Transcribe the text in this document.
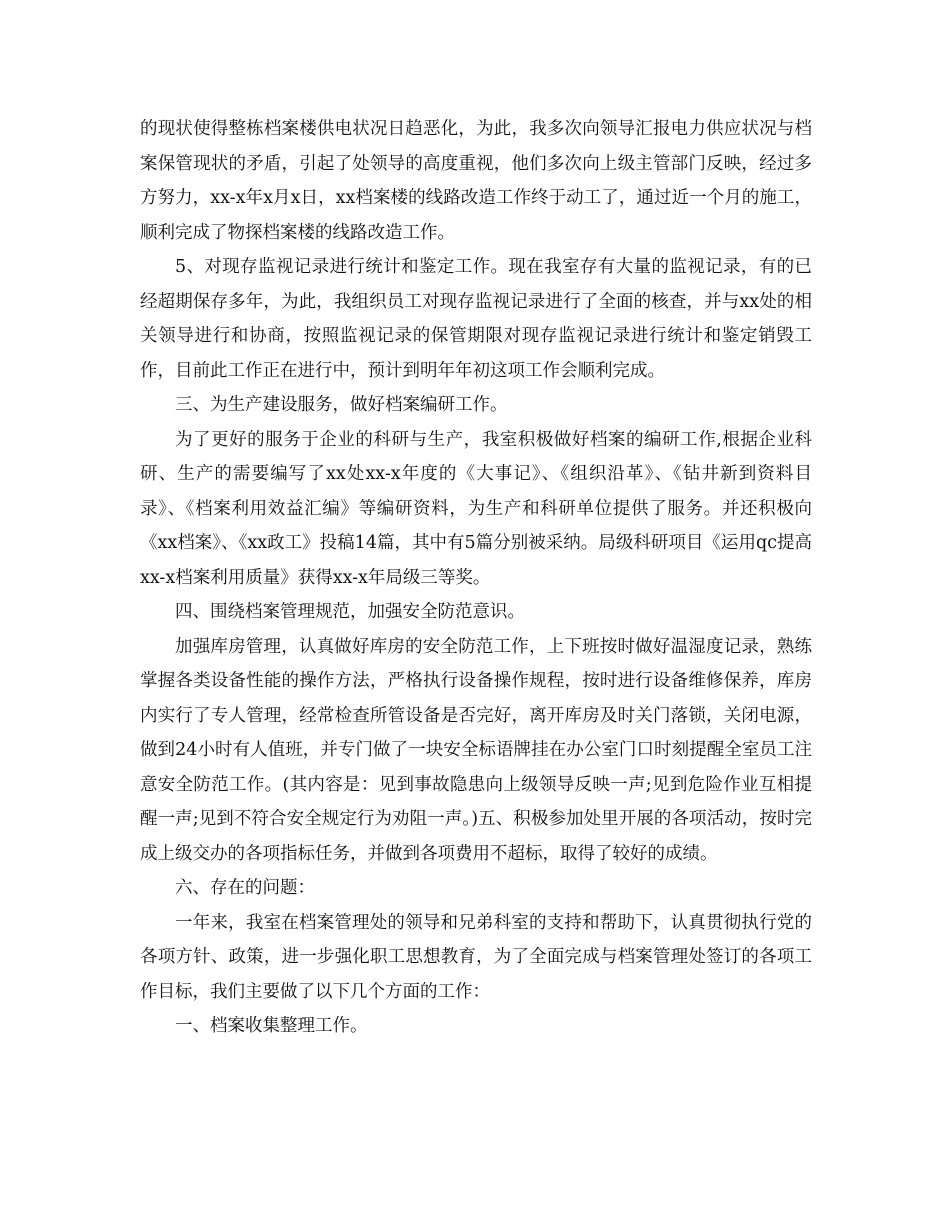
的现状使得整栋档案楼供电状况日趋恶化，为此，我多次向领导汇报电力供应状况与档案保管现状的矛盾，引起了处领导的高度重视，他们多次向上级主管部门反映，经过多方努力，xx-x年x月x日，xx档案楼的线路改造工作终于动工了，通过近一个月的施工，顺利完成了物探档案楼的线路改造工作。

5、对现存监视记录进行统计和鉴定工作。现在我室存有大量的监视记录，有的已经超期保存多年，为此，我组织员工对现存监视记录进行了全面的核查，并与xx处的相关领导进行和协商，按照监视记录的保管期限对现存监视记录进行统计和鉴定销毁工作，目前此工作正在进行中，预计到明年年初这项工作会顺利完成。

三、为生产建设服务，做好档案编研工作。

为了更好的服务于企业的科研与生产，我室积极做好档案的编研工作,根据企业科研、生产的需要编写了xx处xx-x年度的《大事记》、《组织沿革》、《钻井新到资料目录》、《档案利用效益汇编》等编研资料，为生产和科研单位提供了服务。并还积极向《xx档案》、《xx政工》投稿14篇，其中有5篇分别被采纳。局级科研项目《运用qc提高xx-x档案利用质量》获得xx-x年局级三等奖。

四、围绕档案管理规范，加强安全防范意识。

加强库房管理，认真做好库房的安全防范工作，上下班按时做好温湿度记录，熟练掌握各类设备性能的操作方法，严格执行设备操作规程，按时进行设备维修保养，库房内实行了专人管理，经常检查所管设备是否完好，离开库房及时关门落锁，关闭电源，做到24小时有人值班，并专门做了一块安全标语牌挂在办公室门口时刻提醒全室员工注意安全防范工作。(其内容是：见到事故隐患向上级领导反映一声;见到危险作业互相提醒一声;见到不符合安全规定行为劝阻一声。)五、积极参加处里开展的各项活动，按时完成上级交办的各项指标任务，并做到各项费用不超标，取得了较好的成绩。

六、存在的问题：

一年来，我室在档案管理处的领导和兄弟科室的支持和帮助下，认真贯彻执行党的各项方针、政策，进一步强化职工思想教育，为了全面完成与档案管理处签订的各项工作目标，我们主要做了以下几个方面的工作：

一、档案收集整理工作。
